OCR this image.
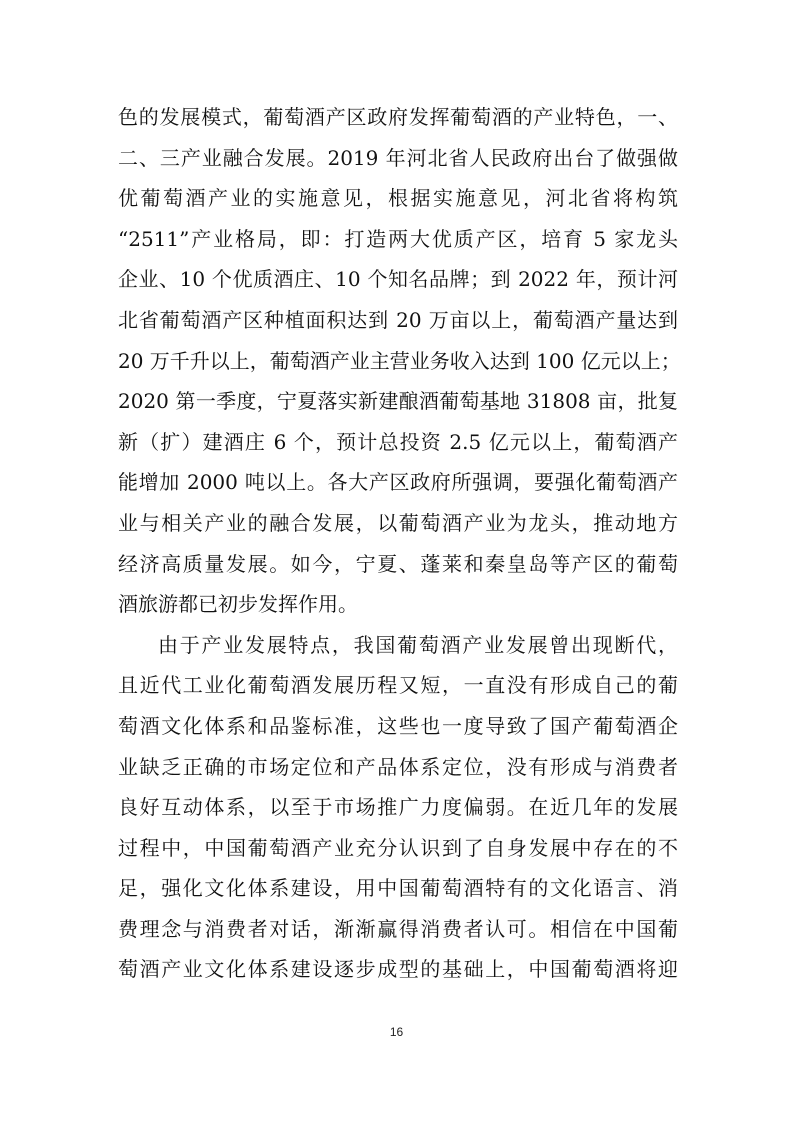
色的发展模式，葡萄酒产区政府发挥葡萄酒的产业特色，一、
二、三产业融合发展。2019 年河北省人民政府出台了做强做
优葡萄酒产业的实施意见，根据实施意见，河北省将构筑
“2511”产业格局，即：打造两大优质产区，培育 5 家龙头
企业、10 个优质酒庄、10 个知名品牌；到 2022 年，预计河
北省葡萄酒产区种植面积达到 20 万亩以上，葡萄酒产量达到
20 万千升以上，葡萄酒产业主营业务收入达到 100 亿元以上；
2020 第一季度，宁夏落实新建酿酒葡萄基地 31808 亩，批复
新（扩）建酒庄 6 个，预计总投资 2.5 亿元以上，葡萄酒产
能增加 2000 吨以上。各大产区政府所强调，要强化葡萄酒产
业与相关产业的融合发展，以葡萄酒产业为龙头，推动地方
经济高质量发展。如今，宁夏、蓬莱和秦皇岛等产区的葡萄
酒旅游都已初步发挥作用。
由于产业发展特点，我国葡萄酒产业发展曾出现断代，
且近代工业化葡萄酒发展历程又短，一直没有形成自己的葡
萄酒文化体系和品鉴标准，这些也一度导致了国产葡萄酒企
业缺乏正确的市场定位和产品体系定位，没有形成与消费者
良好互动体系，以至于市场推广力度偏弱。在近几年的发展
过程中，中国葡萄酒产业充分认识到了自身发展中存在的不
足，强化文化体系建设，用中国葡萄酒特有的文化语言、消
费理念与消费者对话，渐渐赢得消费者认可。相信在中国葡
萄酒产业文化体系建设逐步成型的基础上，中国葡萄酒将迎
16
